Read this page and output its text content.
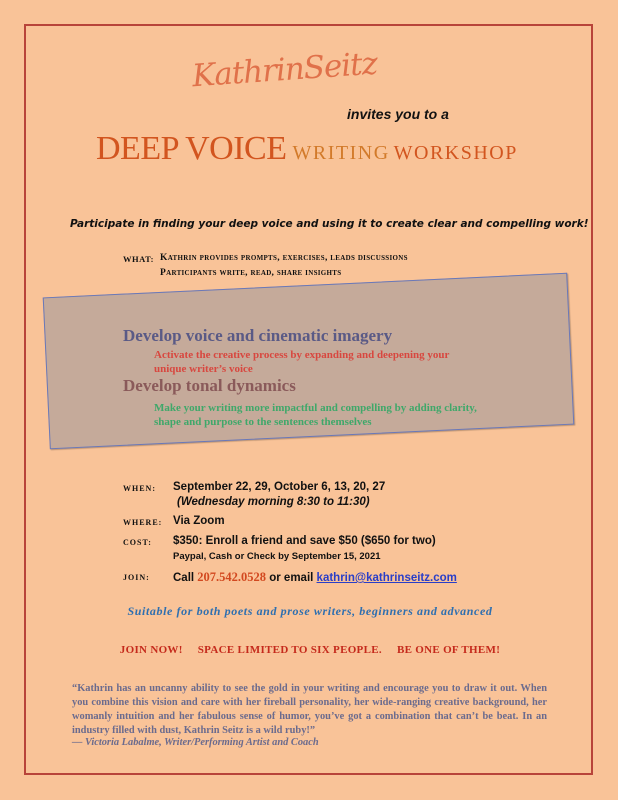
KathrinSeitz
invites you to a
DEEP VOICE WRITING WORKSHOP
Participate in finding your deep voice and using it to create clear and compelling work!
WHAT: Kathrin provides prompts, exercises, leads discussions
Participants write, read, share insights
Develop voice and cinematic imagery
Activate the creative process by expanding and deepening your
unique writer’s voice
Develop tonal dynamics
Make your writing more impactful and compelling by adding clarity,
shape and purpose to the sentences themselves
WHEN: September 22, 29, October 6, 13, 20, 27
(Wednesday morning 8:30 to 11:30)
WHERE: Via Zoom
COST: $350: Enroll a friend and save $50 ($650 for two)
Paypal, Cash or Check by September 15, 2021
JOIN: Call 207.542.0528 or email kathrin@kathrinseitz.com
Suitable for both poets and prose writers, beginners and advanced
JOIN NOW! SPACE LIMITED TO SIX PEOPLE. BE ONE OF THEM!
“Kathrin has an uncanny ability to see the gold in your writing and encourage you to draw it out. When you combine this vision and care with her fireball personality, her wide-ranging creative background, her womanly intuition and her fabulous sense of humor, you’ve got a combination that can’t be beat. In an industry filled with dust, Kathrin Seitz is a wild ruby!”
— Victoria Labalme, Writer/Performing Artist and Coach
